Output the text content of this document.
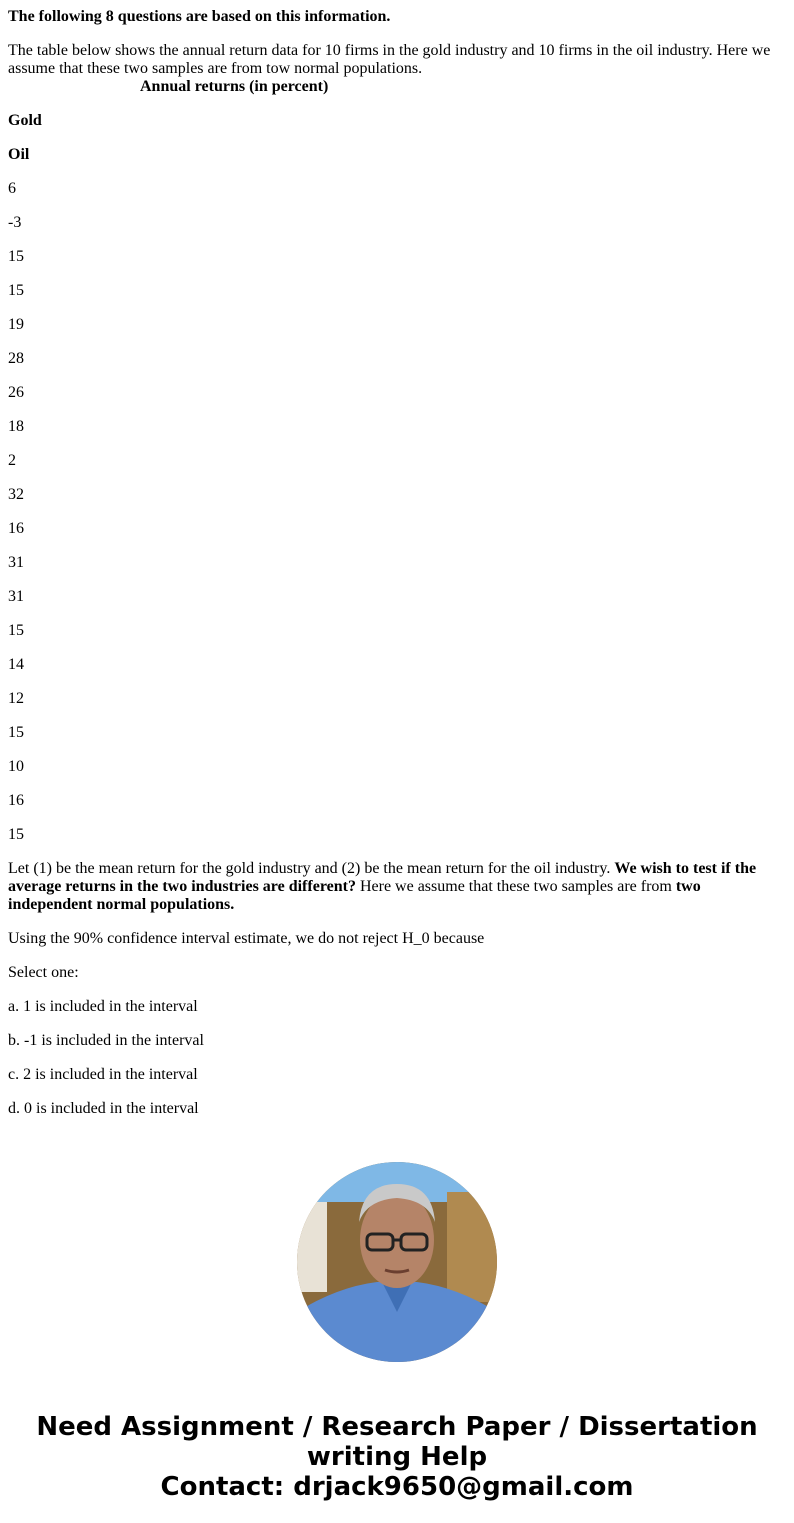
The following 8 questions are based on this information.

The table below shows the annual return data for 10 firms in the gold industry and 10 firms in the oil industry. Here we assume that these two samples are from tow normal populations.
Annual returns (in percent)

Gold

Oil

6

-3

15

15

19

28

26

18

2

32

16

31

31

15

14

12

15

10

16

15

Let (1) be the mean return for the gold industry and (2) be the mean return for the oil industry. We wish to test if the average returns in the two industries are different? Here we assume that these two samples are from two independent normal populations.

Using the 90% confidence interval estimate, we do not reject H_0 because

Select one:

a. 1 is included in the interval

b. -1 is included in the interval

c. 2 is included in the interval

d. 0 is included in the interval

Need Assignment / Research Paper / Dissertation writing Help
Contact: drjack9650@gmail.com
